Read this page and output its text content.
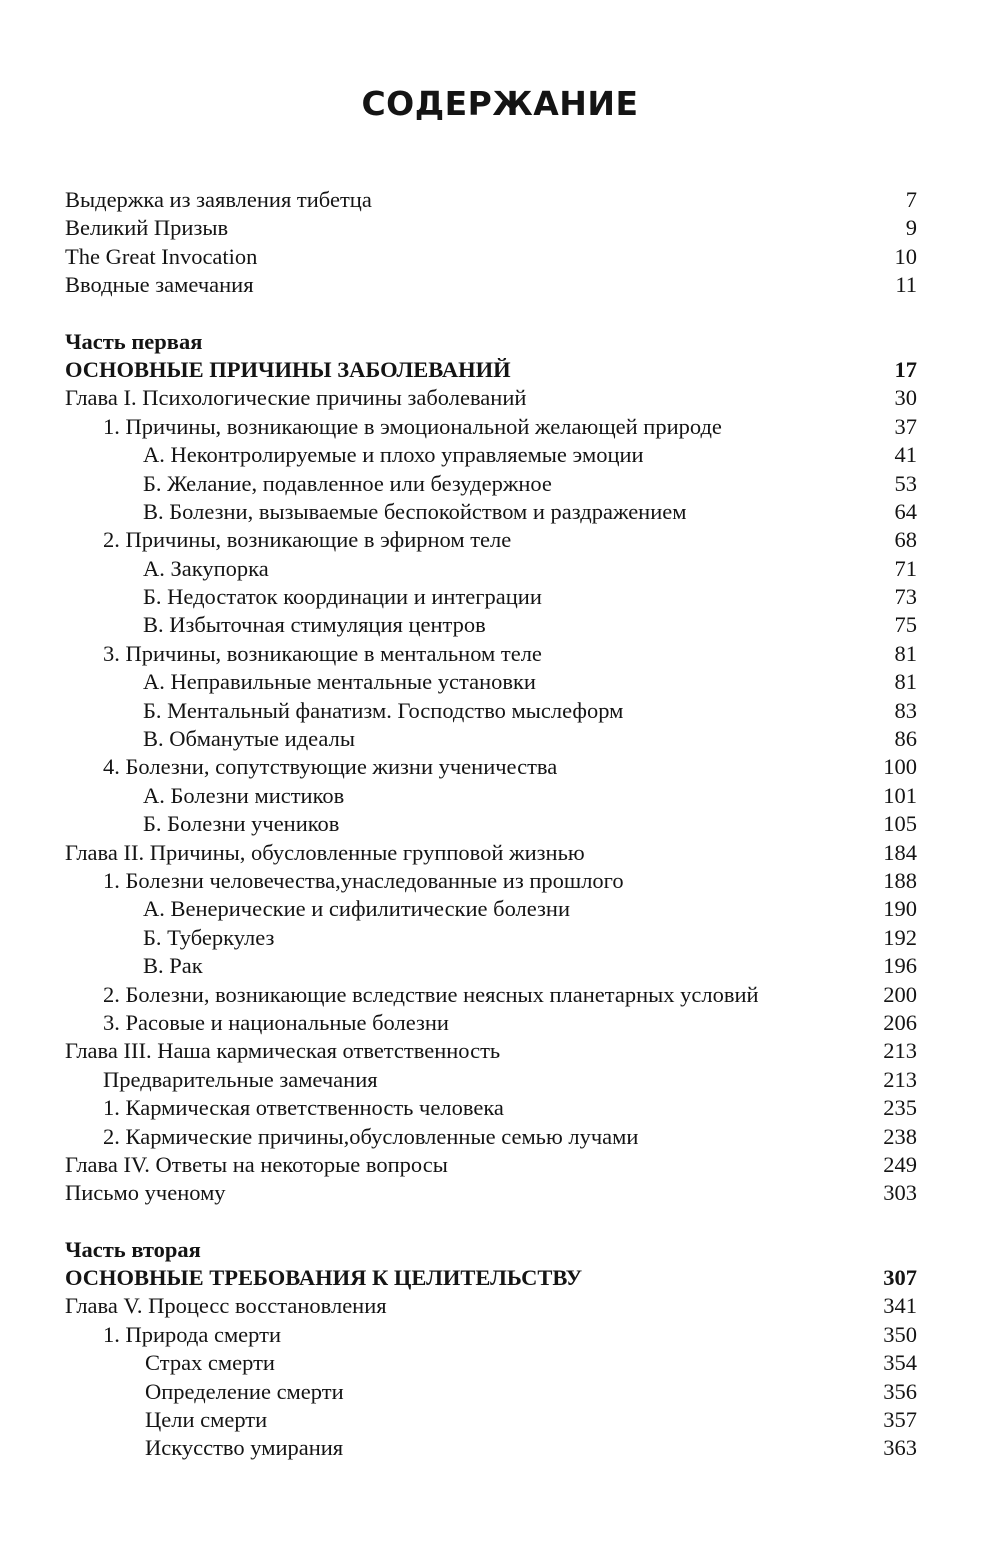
СОДЕРЖАНИЕ
Выдержка из заявления тибетца	7
Великий Призыв	9
The Great Invocation	10
Вводные замечания	11
Часть первая
ОСНОВНЫЕ ПРИЧИНЫ ЗАБОЛЕВАНИЙ	17
Глава I. Психологические причины заболеваний	30
1. Причины, возникающие в эмоциональной желающей природе	37
А. Неконтролируемые и плохо управляемые эмоции	41
Б. Желание, подавленное или безудержное	53
В. Болезни, вызываемые беспокойством и раздражением	64
2. Причины, возникающие в эфирном теле	68
А. Закупорка	71
Б. Недостаток координации и интеграции	73
В. Избыточная стимуляция центров	75
3. Причины, возникающие в ментальном теле	81
А. Неправильные ментальные установки	81
Б. Ментальный фанатизм. Господство мыслеформ	83
В. Обманутые идеалы	86
4. Болезни, сопутствующие жизни ученичества	100
А. Болезни мистиков	101
Б. Болезни учеников	105
Глава II. Причины, обусловленные групповой жизнью	184
1. Болезни человечества,унаследованные из прошлого	188
А. Венерические и сифилитические болезни	190
Б. Туберкулез	192
В. Рак	196
2. Болезни, возникающие вследствие неясных планетарных условий	200
3. Расовые и национальные болезни	206
Глава III. Наша кармическая ответственность	213
Предварительные замечания	213
1. Кармическая ответственность человека	235
2. Кармические причины,обусловленные семью лучами	238
Глава IV. Ответы на некоторые вопросы	249
Письмо ученому	303
Часть вторая
ОСНОВНЫЕ ТРЕБОВАНИЯ К ЦЕЛИТЕЛЬСТВУ	307
Глава V. Процесс восстановления	341
1. Природа смерти	350
Страх смерти	354
Определение смерти	356
Цели смерти	357
Искусство умирания	363
